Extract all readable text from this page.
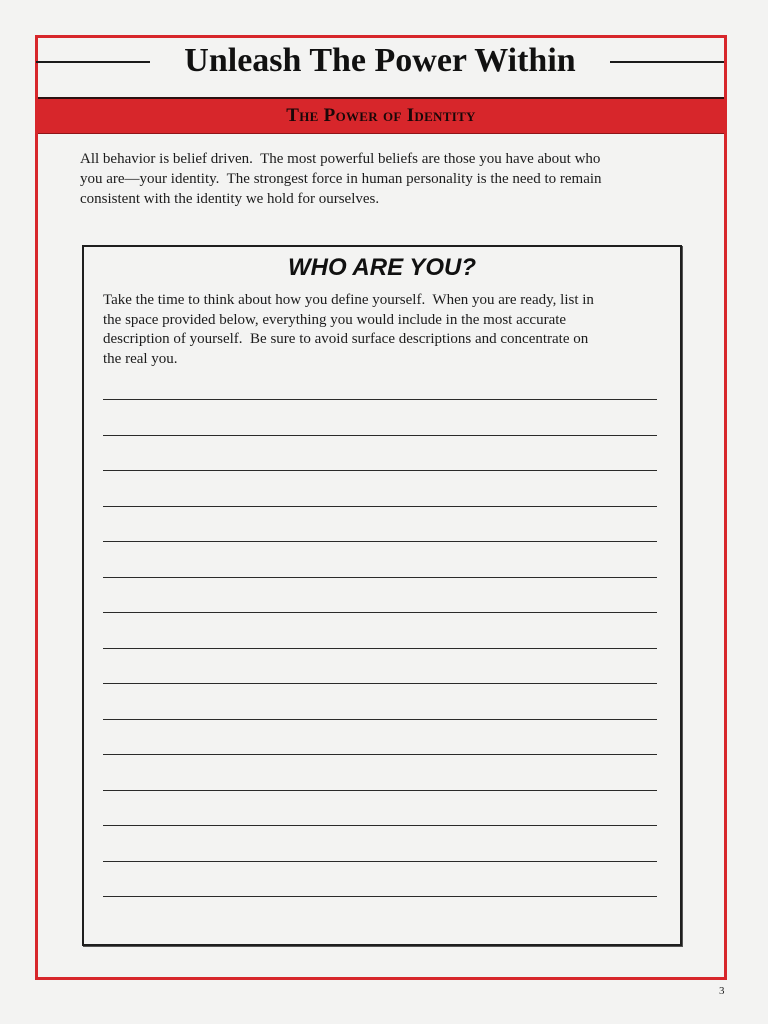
Unleash The Power Within
The Power of Identity
All behavior is belief driven.  The most powerful beliefs are those you have about who
you are—your identity.  The strongest force in human personality is the need to remain
consistent with the identity we hold for ourselves.
WHO ARE YOU?
Take the time to think about how you define yourself.  When you are ready, list in
the space provided below, everything you would include in the most accurate
description of yourself.  Be sure to avoid surface descriptions and concentrate on
the real you.
3
